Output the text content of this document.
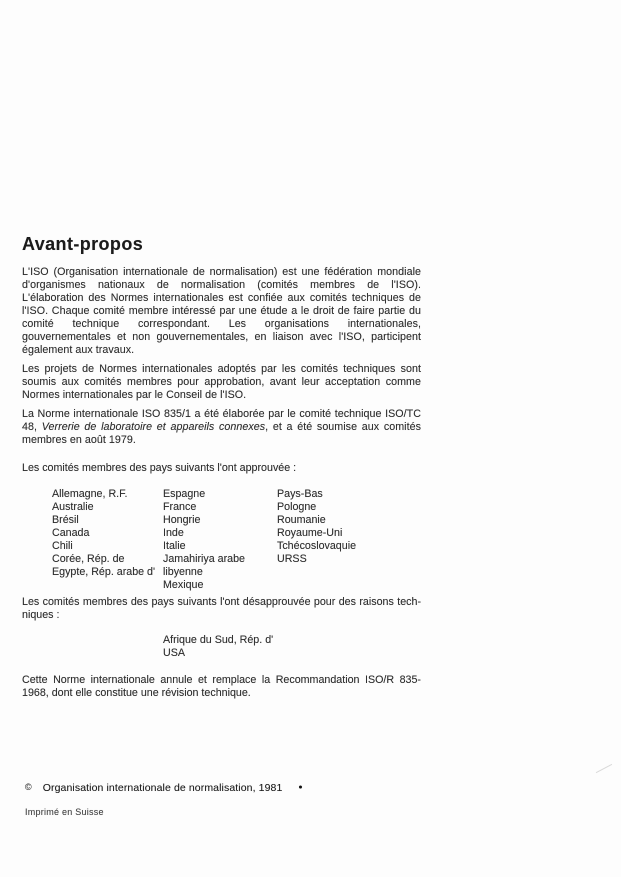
Avant-propos

L'ISO (Organisation internationale de normalisation) est une fédération mondiale d'organismes nationaux de normalisation (comités membres de l'ISO). L'élaboration des Normes internationales est confiée aux comités techniques de l'ISO. Chaque comité membre intéressé par une étude a le droit de faire partie du comité technique correspondant. Les organisations internationales, gouvernementales et non gouvernementales, en liaison avec l'ISO, participent également aux travaux.

Les projets de Normes internationales adoptés par les comités techniques sont soumis aux comités membres pour approbation, avant leur acceptation comme Normes internationales par le Conseil de l'ISO.

La Norme internationale ISO 835/1 a été élaborée par le comité technique ISO/TC 48, Verrerie de laboratoire et appareils connexes, et a été soumise aux comités membres en août 1979.

Les comités membres des pays suivants l'ont approuvée :

Allemagne, R.F.
Australie
Brésil
Canada
Chili
Corée, Rép. de
Egypte, Rép. arabe d'
Espagne
France
Hongrie
Inde
Italie
Jamahiriya arabe libyenne
Mexique
Pays-Bas
Pologne
Roumanie
Royaume-Uni
Tchécoslovaquie
URSS

Les comités membres des pays suivants l'ont désapprouvée pour des raisons techniques :

Afrique du Sud, Rép. d'
USA

Cette Norme internationale annule et remplace la Recommandation ISO/R 835-1968, dont elle constitue une révision technique.

© Organisation internationale de normalisation, 1981 ●
Imprimé en Suisse
